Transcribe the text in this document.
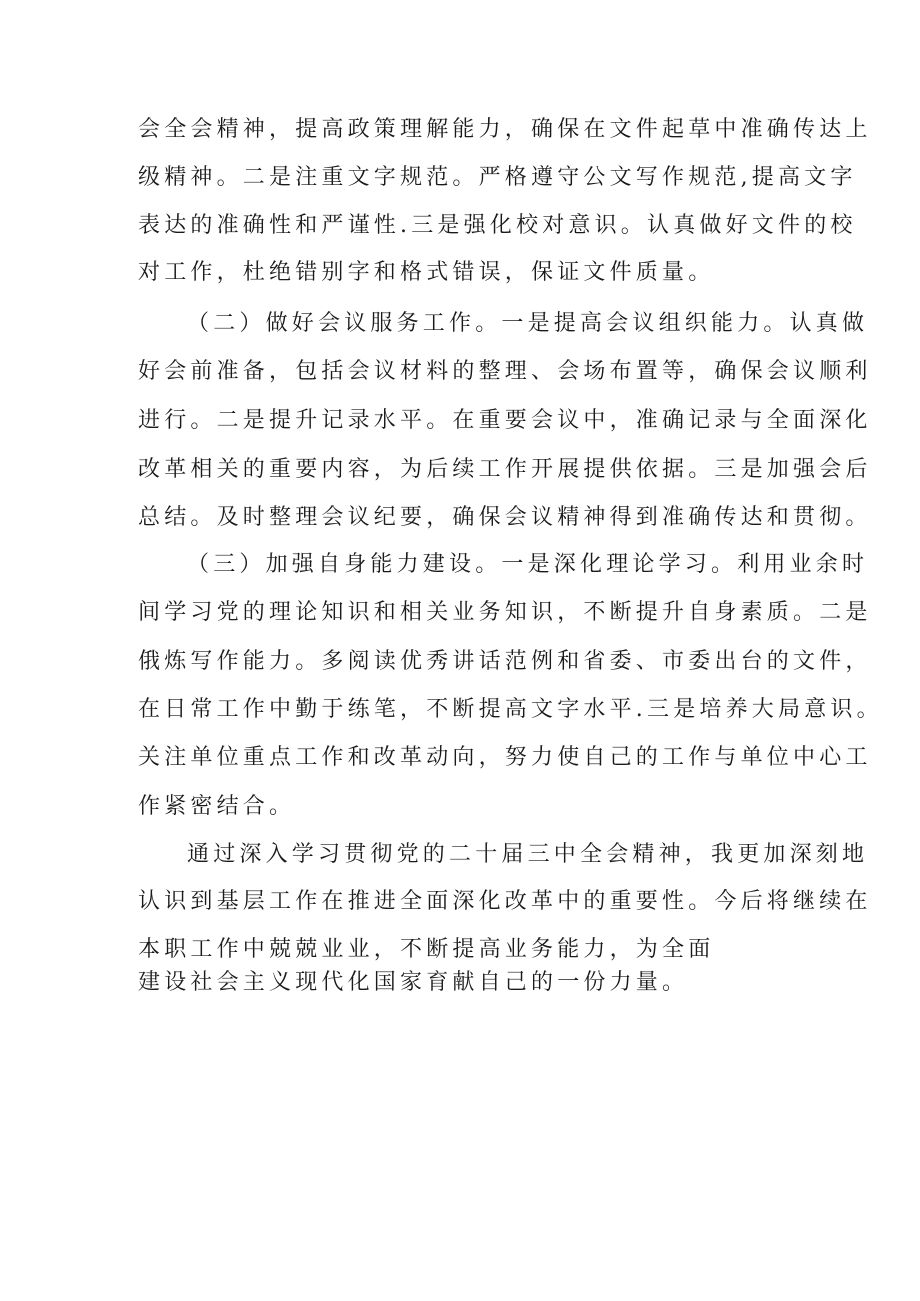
会全会精神，提高政策理解能力，确保在文件起草中准确传达上

级精神。二是注重文字规范。严格遵守公文写作规范,提高文字

表达的准确性和严谨性.三是强化校对意识。认真做好文件的校

对工作，杜绝错别字和格式错误，保证文件质量。

（二）做好会议服务工作。一是提高会议组织能力。认真做

好会前准备，包括会议材料的整理、会场布置等，确保会议顺利

进行。二是提升记录水平。在重要会议中，准确记录与全面深化

改革相关的重要内容，为后续工作开展提供依据。三是加强会后

总结。及时整理会议纪要，确保会议精神得到准确传达和贯彻。

（三）加强自身能力建设。一是深化理论学习。利用业余时

间学习党的理论知识和相关业务知识，不断提升自身素质。二是

俄炼写作能力。多阅读优秀讲话范例和省委、市委出台的文件，

在日常工作中勤于练笔，不断提高文字水平.三是培养大局意识。

关注单位重点工作和改革动向，努力使自己的工作与单位中心工

作紧密结合。

通过深入学习贯彻党的二十届三中全会精神，我更加深刻地

认识到基层工作在推进全面深化改革中的重要性。今后将继续在

本职工作中兢兢业业，不断提高业务能力，为全面

建设社会主义现代化国家育献自己的一份力量。
